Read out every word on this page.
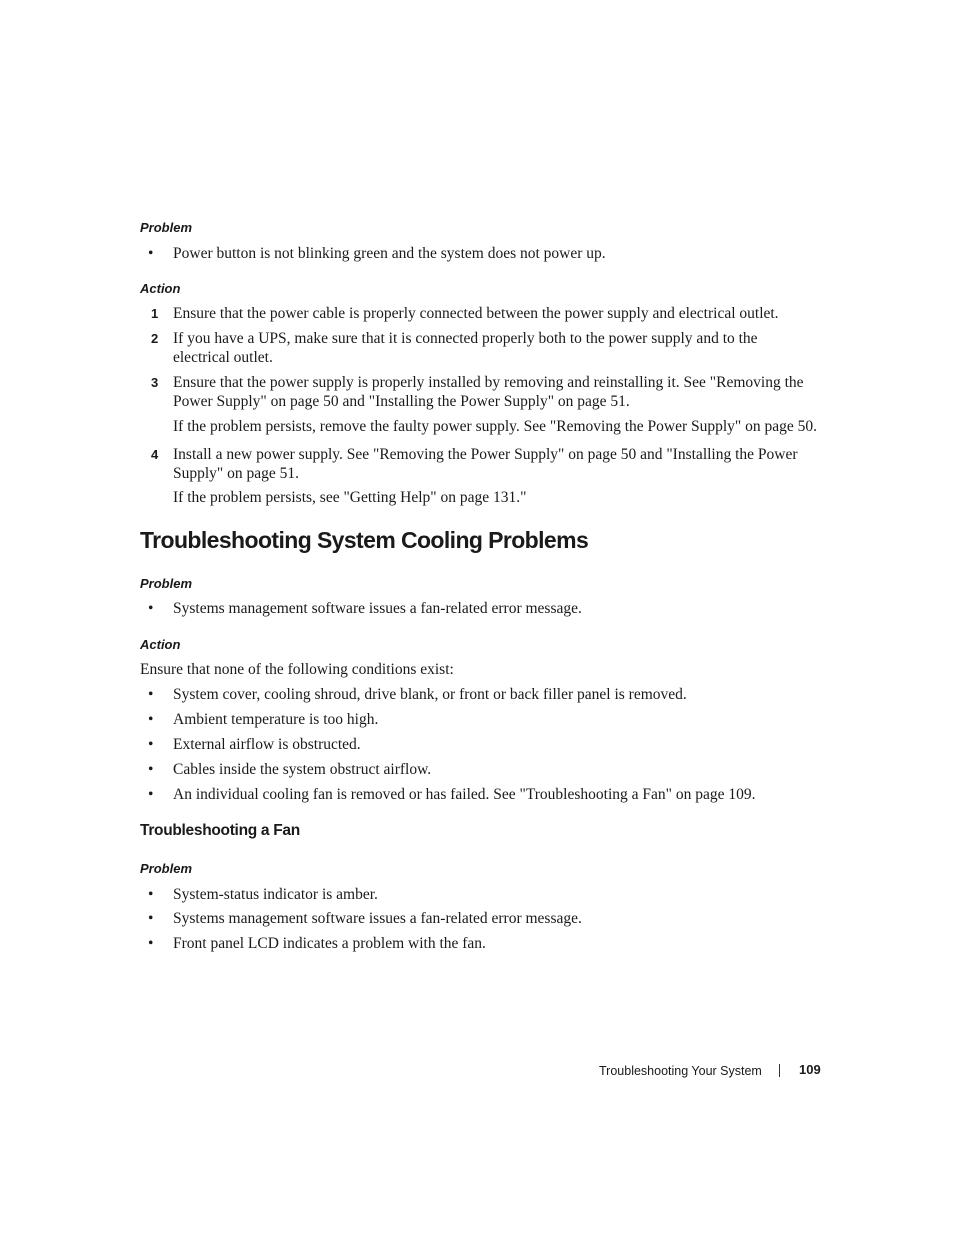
Problem
• Power button is not blinking green and the system does not power up.
Action
1 Ensure that the power cable is properly connected between the power supply and electrical outlet.
2 If you have a UPS, make sure that it is connected properly both to the power supply and to the
electrical outlet.
3 Ensure that the power supply is properly installed by removing and reinstalling it. See "Removing the
Power Supply" on page 50 and "Installing the Power Supply" on page 51.
If the problem persists, remove the faulty power supply. See "Removing the Power Supply" on page 50.
4 Install a new power supply. See "Removing the Power Supply" on page 50 and "Installing the Power
Supply" on page 51.
If the problem persists, see "Getting Help" on page 131."
Troubleshooting System Cooling Problems
Problem
• Systems management software issues a fan-related error message.
Action
Ensure that none of the following conditions exist:
• System cover, cooling shroud, drive blank, or front or back filler panel is removed.
• Ambient temperature is too high.
• External airflow is obstructed.
• Cables inside the system obstruct airflow.
• An individual cooling fan is removed or has failed. See "Troubleshooting a Fan" on page 109.
Troubleshooting a Fan
Problem
• System-status indicator is amber.
• Systems management software issues a fan-related error message.
• Front panel LCD indicates a problem with the fan.
Troubleshooting Your System	109
